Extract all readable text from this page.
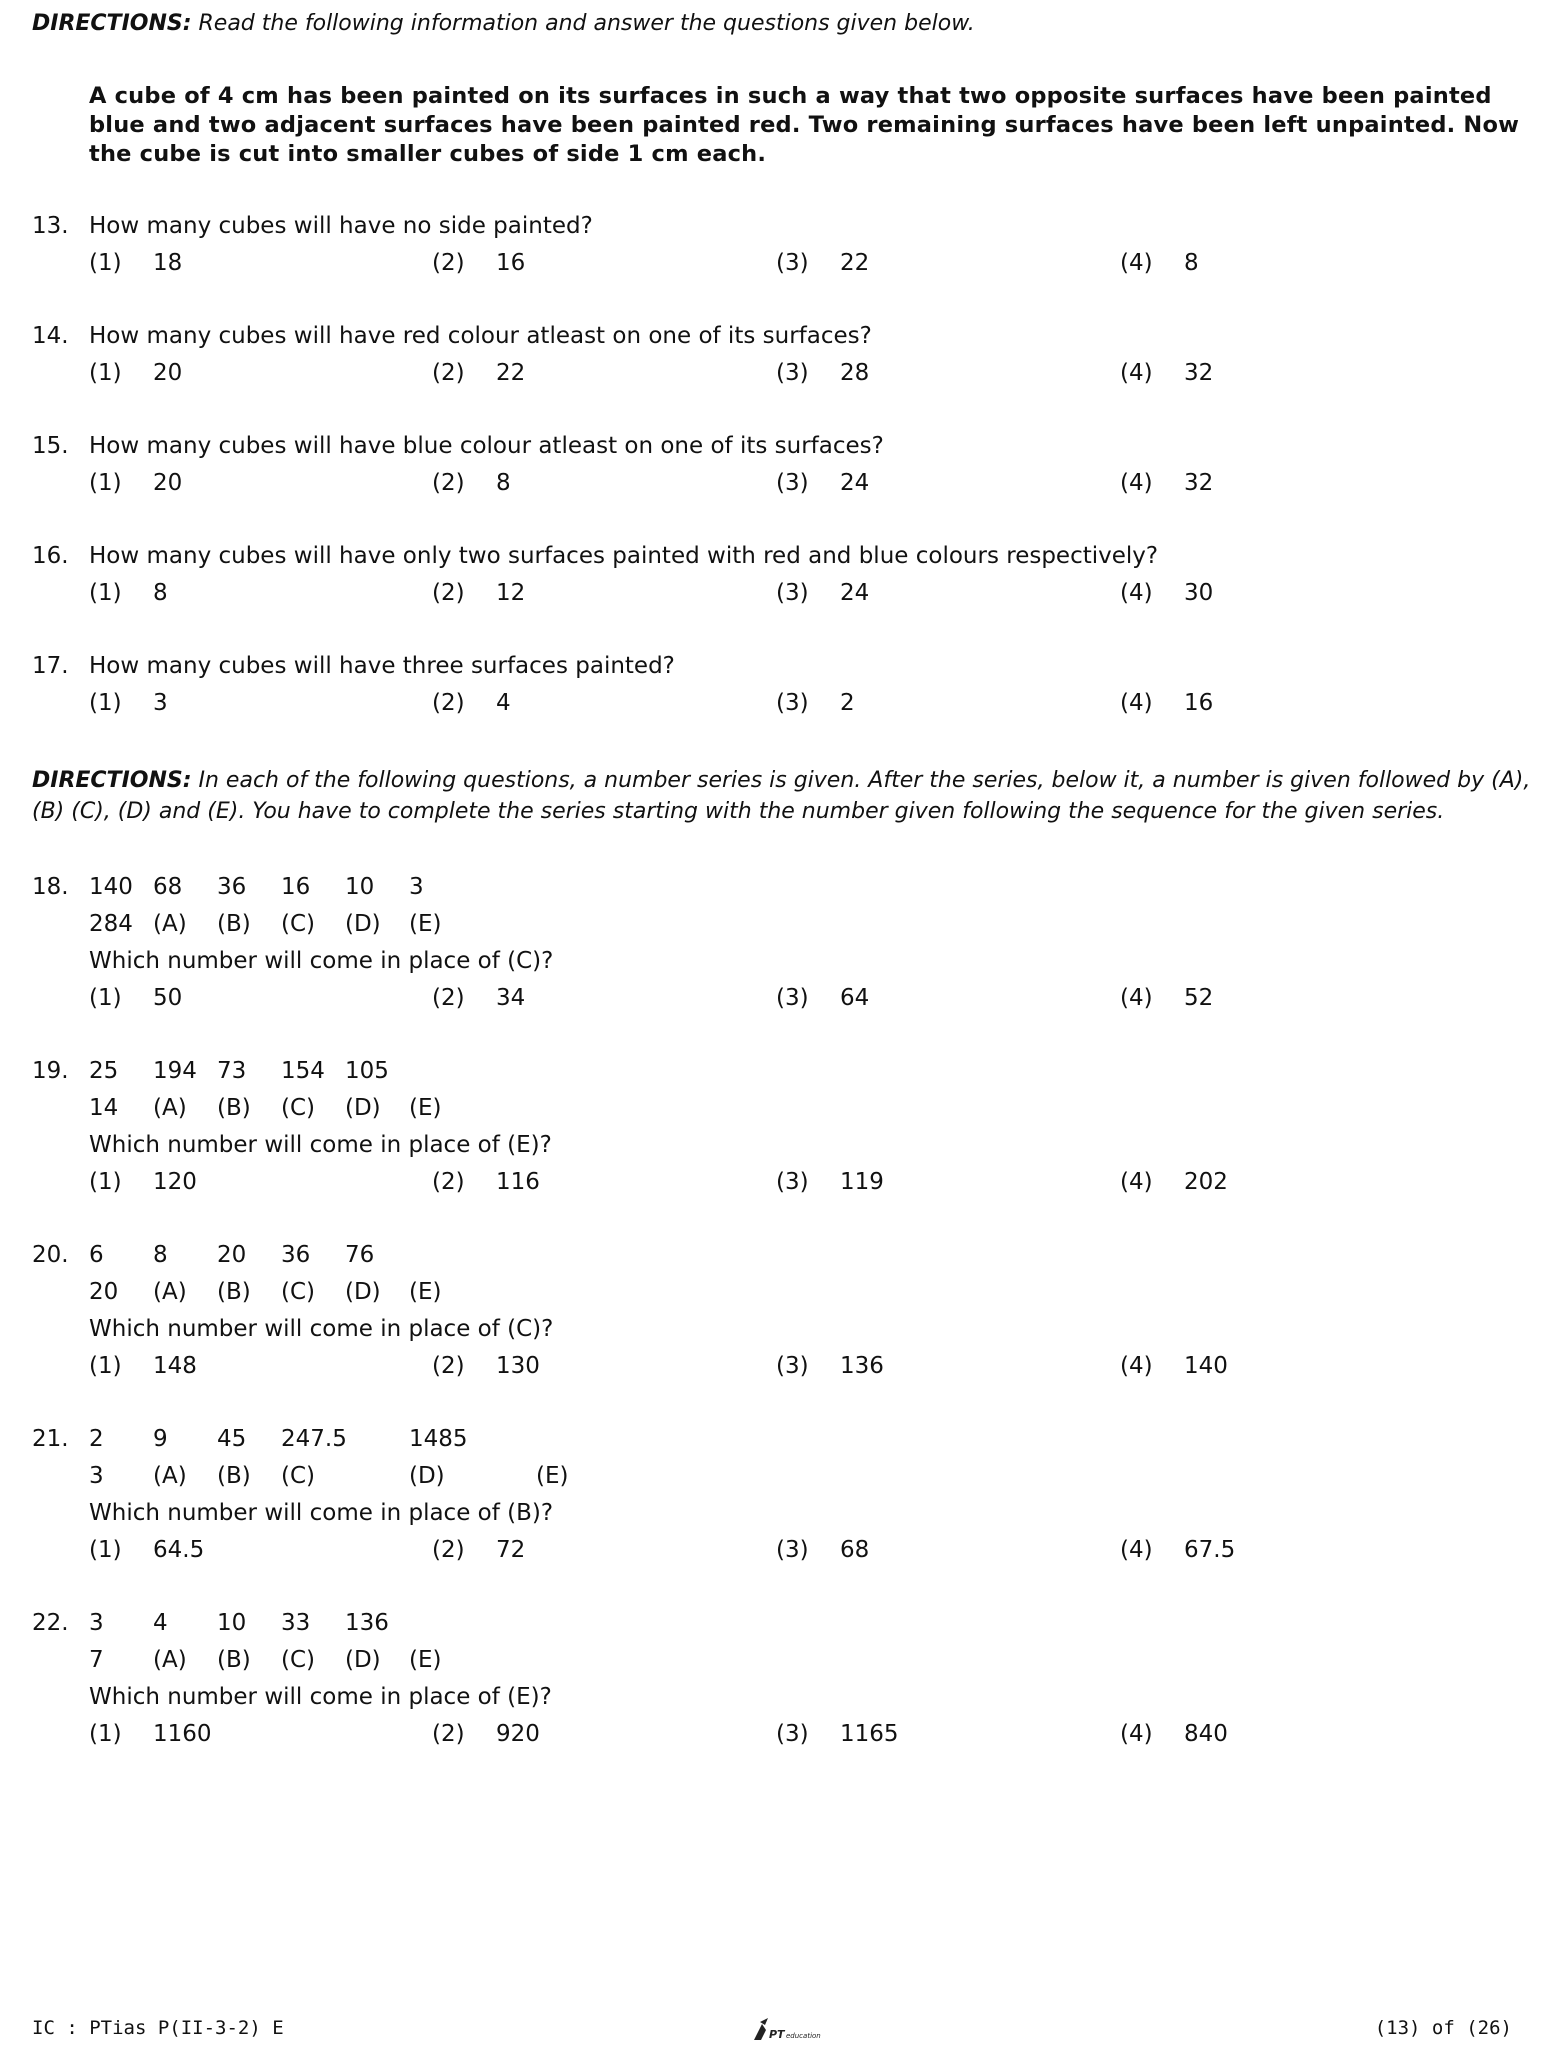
DIRECTIONS: Read the following information and answer the questions given below.
A cube of 4 cm has been painted on its surfaces in such a way that two opposite surfaces have been painted blue and two adjacent surfaces have been painted red. Two remaining surfaces have been left unpainted. Now the cube is cut into smaller cubes of side 1 cm each.
13. How many cubes will have no side painted?
(1) 18	(2) 16	(3) 22	(4) 8
14. How many cubes will have red colour atleast on one of its surfaces?
(1) 20	(2) 22	(3) 28	(4) 32
15. How many cubes will have blue colour atleast on one of its surfaces?
(1) 20	(2) 8	(3) 24	(4) 32
16. How many cubes will have only two surfaces painted with red and blue colours respectively?
(1) 8	(2) 12	(3) 24	(4) 30
17. How many cubes will have three surfaces painted?
(1) 3	(2) 4	(3) 2	(4) 16
DIRECTIONS: In each of the following questions, a number series is given. After the series, below it, a number is given followed by (A), (B) (C), (D) and (E). You have to complete the series starting with the number given following the sequence for the given series.
18. 140 68 36 16 10 3
284 (A) (B) (C) (D) (E)
Which number will come in place of (C)?
(1) 50	(2) 34	(3) 64	(4) 52
19. 25 194 73 154 105
14 (A) (B) (C) (D) (E)
Which number will come in place of (E)?
(1) 120	(2) 116	(3) 119	(4) 202
20. 6 8 20 36 76
20 (A) (B) (C) (D) (E)
Which number will come in place of (C)?
(1) 148	(2) 130	(3) 136	(4) 140
21. 2 9 45 247.5	1485
3 (A) (B) (C)	(D)	(E)
Which number will come in place of (B)?
(1) 64.5	(2) 72	(3) 68	(4) 67.5
22. 3 4 10 33 136
7 (A) (B) (C) (D) (E)
Which number will come in place of (E)?
(1) 1160	(2) 920	(3) 1165	(4) 840
IC : PTias P(II-3-2) E	PT education	(13) of (26)
